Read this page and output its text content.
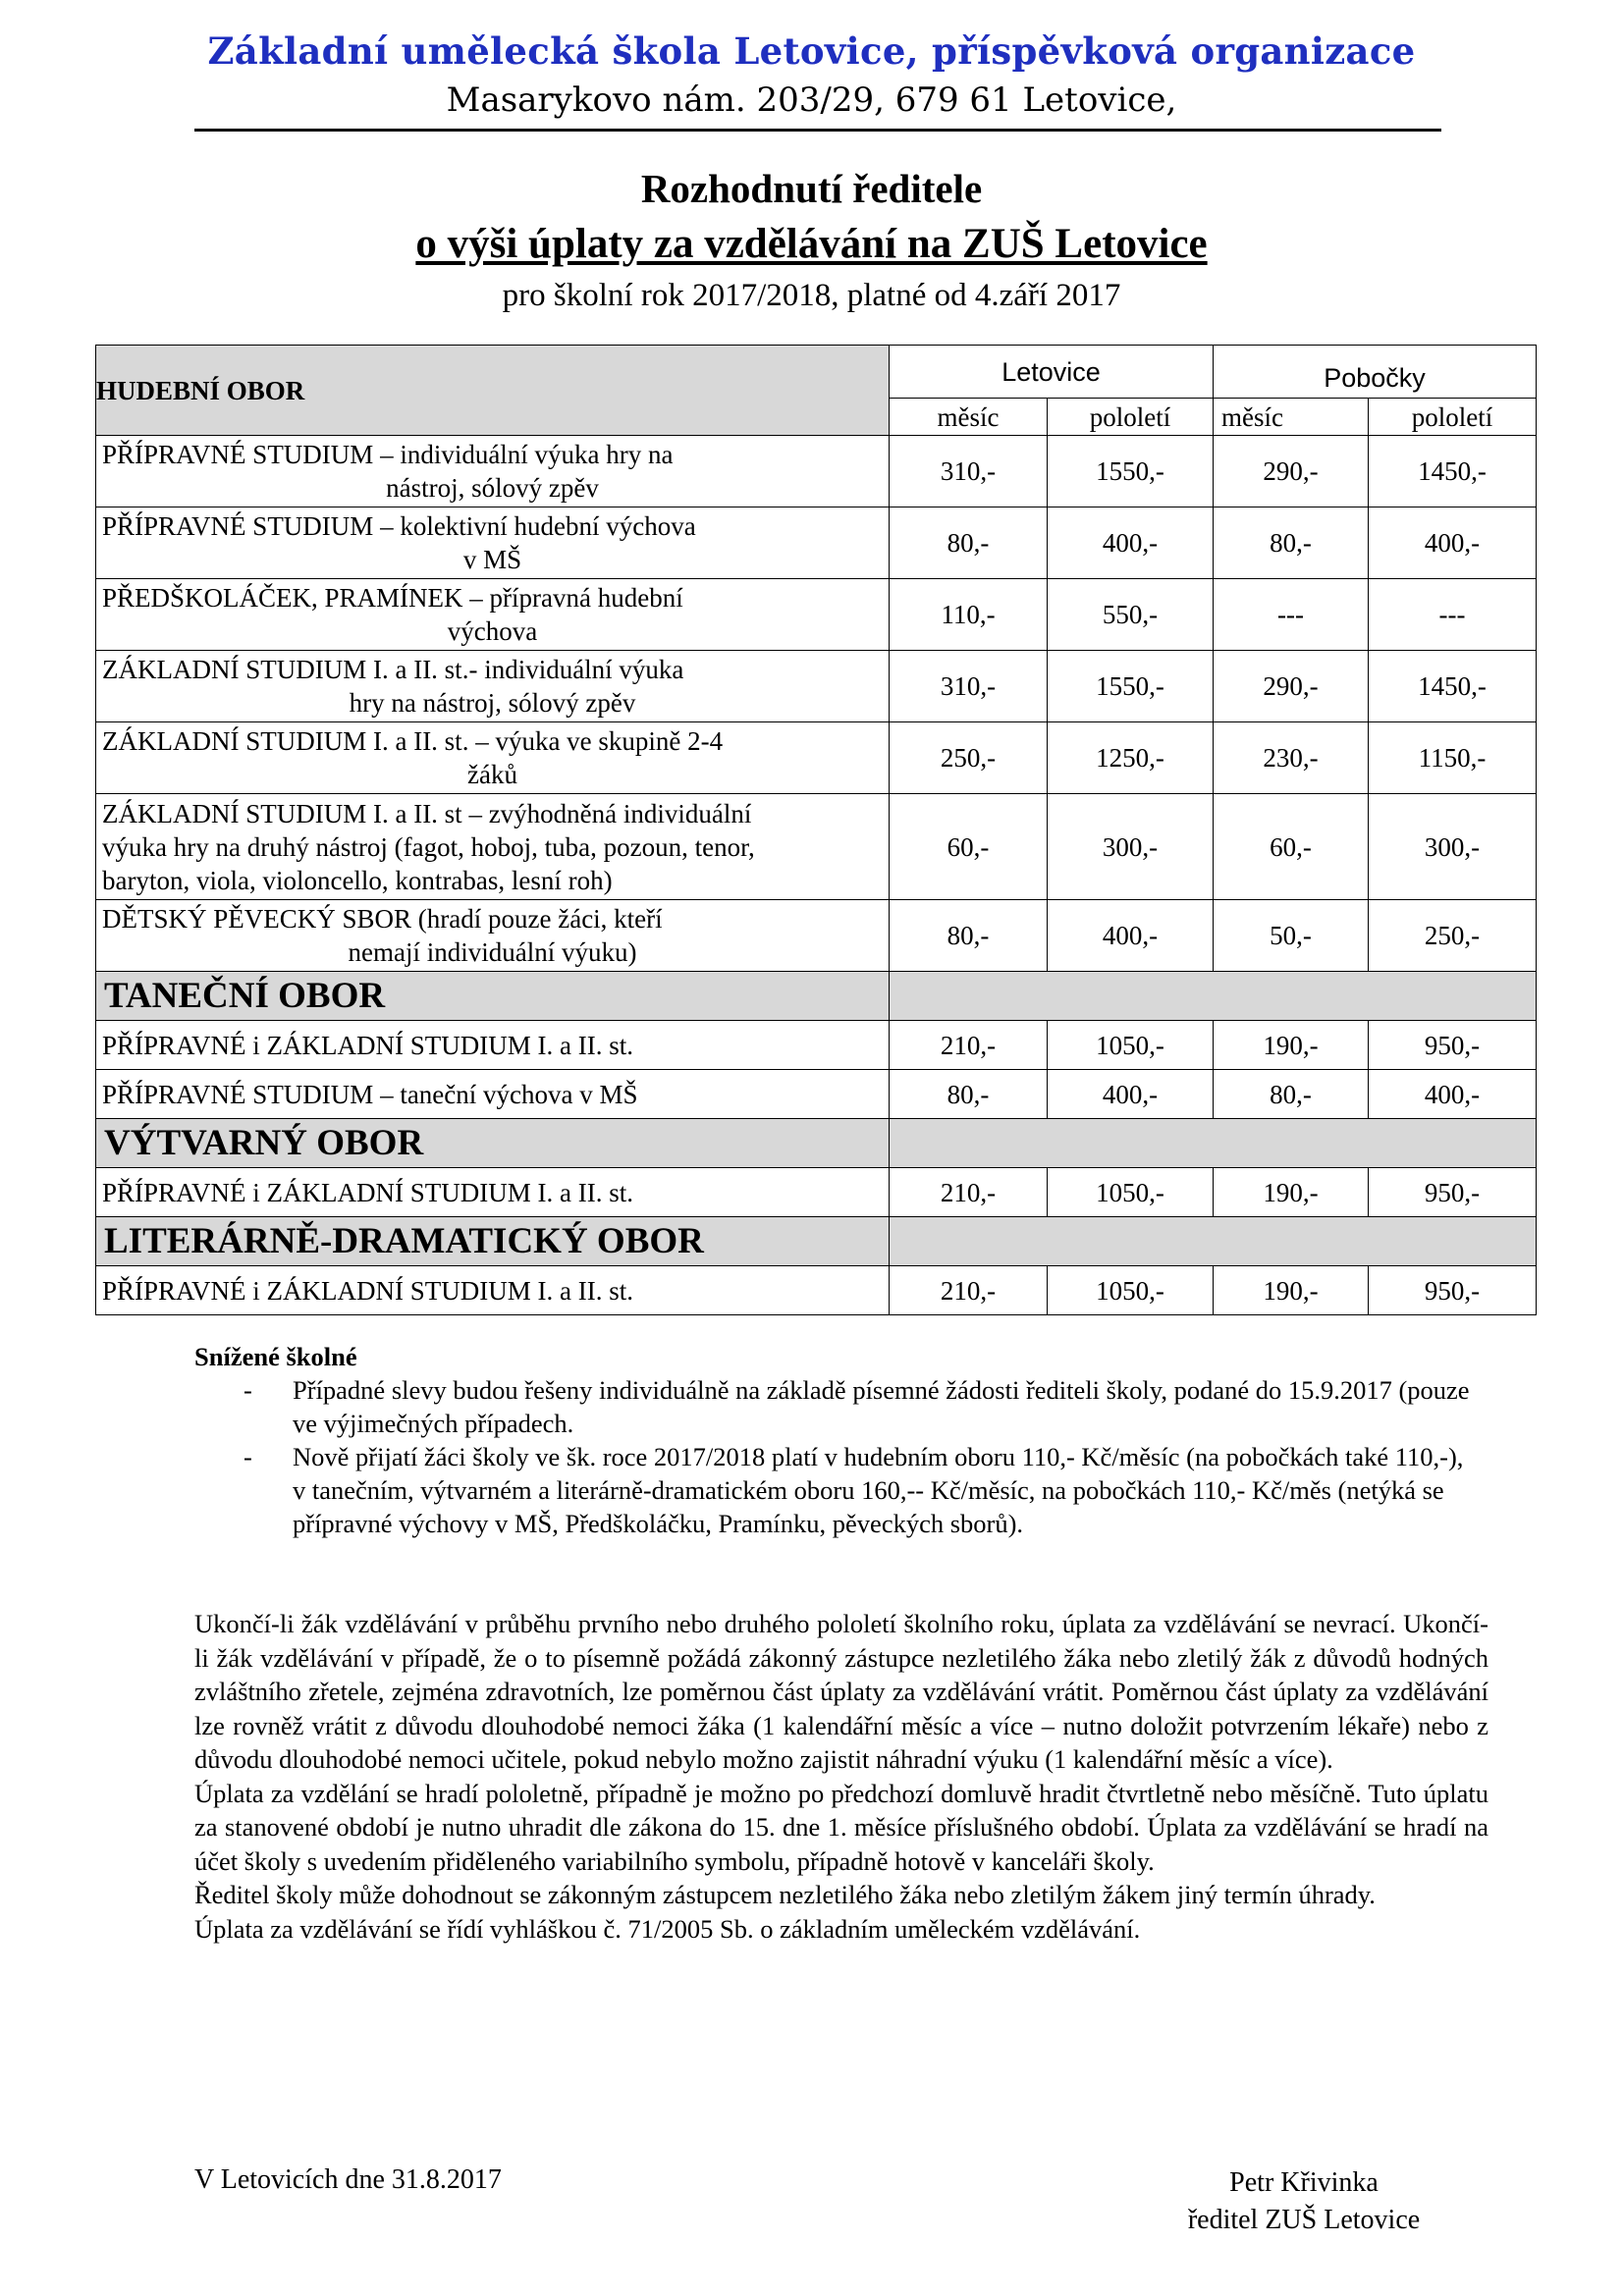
Základní umělecká škola Letovice, příspěvková organizace
Masarykovo nám. 203/29, 679 61 Letovice,
Rozhodnutí ředitele
o výši úplaty za vzdělávání na ZUŠ Letovice
pro školní rok 2017/2018, platné od 4.září 2017
HUDEBNÍ OBOR	Letovice		Pobočky	
	měsíc	pololetí	měsíc	pololetí

PŘÍPRAVNÉ STUDIUM – individuální výuka hry na
nástroj, sólový zpěv	310,-	1550,-	290,-	1450,-

PŘÍPRAVNÉ STUDIUM – kolektivní hudební výchova
v MŠ	80,-	400,-	80,-	400,-

PŘEDŠKOLÁČEK, PRAMÍNEK – přípravná hudební
výchova	110,-	550,-	---	---

ZÁKLADNÍ STUDIUM I. a II. st.- individuální výuka
hry na nástroj, sólový zpěv	310,-	1550,-	290,-	1450,-

ZÁKLADNÍ STUDIUM I. a II. st. – výuka ve skupině 2-4
žáků	250,-	1250,-	230,-	1150,-

ZÁKLADNÍ STUDIUM I. a II. st – zvýhodněná individuální
výuka hry na druhý nástroj (fagot, hoboj, tuba, pozoun, tenor,
baryton, viola, violoncello, kontrabas, lesní roh)	60,-	300,-	60,-	300,-

DĚTSKÝ PĚVECKÝ SBOR (hradí pouze žáci, kteří
nemají individuální výuku)	80,-	400,-	50,-	250,-
TANEČNÍ OBOR				
PŘÍPRAVNÉ i ZÁKLADNÍ STUDIUM I. a II. st.	210,-	1050,-	190,-	950,-
PŘÍPRAVNÉ STUDIUM – taneční výchova v MŠ	80,-	400,-	80,-	400,-
VÝTVARNÝ OBOR				
PŘÍPRAVNÉ i ZÁKLADNÍ STUDIUM I. a II. st.	210,-	1050,-	190,-	950,-
LITERÁRNĚ-DRAMATICKÝ OBOR				
PŘÍPRAVNÉ i ZÁKLADNÍ STUDIUM I. a II. st.	210,-	1050,-	190,-	950,-
Snížené školné
- Případné slevy budou řešeny individuálně na základě písemné žádosti řediteli školy, podané do 15.9.2017 (pouze ve výjimečných případech.
- Nově přijatí žáci školy ve šk. roce 2017/2018 platí v hudebním oboru 110,- Kč/měsíc (na pobočkách také 110,-), v tanečním, výtvarném a literárně-dramatickém oboru 160,-- Kč/měsíc, na pobočkách 110,- Kč/měs (netýká se přípravné výchovy v MŠ, Předškoláčku, Pramínku, pěveckých sborů).

Ukončí-li žák vzdělávání v průběhu prvního nebo druhého pololetí školního roku, úplata za vzdělávání se nevrací. Ukončí-li žák vzdělávání v případě, že o to písemně požádá zákonný zástupce nezletilého žáka nebo zletilý žák z důvodů hodných zvláštního zřetele, zejména zdravotních, lze poměrnou část úplaty za vzdělávání vrátit. Poměrnou část úplaty za vzdělávání lze rovněž vrátit z důvodu dlouhodobé nemoci žáka (1 kalendářní měsíc a více – nutno doložit potvrzením lékaře) nebo z důvodu dlouhodobé nemoci učitele, pokud nebylo možno zajistit náhradní výuku (1 kalendářní měsíc a více).

Úplata za vzdělání se hradí pololetně, případně je možno po předchozí domluvě hradit čtvrtletně nebo měsíčně. Tuto úplatu za stanovené období je nutno uhradit dle zákona do 15. dne 1. měsíce příslušného období. Úplata za vzdělávání se hradí na účet školy s uvedením přiděleného variabilního symbolu, případně hotově v kanceláři školy.

Ředitel školy může dohodnout se zákonným zástupcem nezletilého žáka nebo zletilým žákem jiný termín úhrady.

Úplata za vzdělávání se řídí vyhláškou č. 71/2005 Sb. o základním uměleckém vzdělávání.

V Letovicích dne 31.8.2017	Petr Křivinka
ředitel ZUŠ Letovice
